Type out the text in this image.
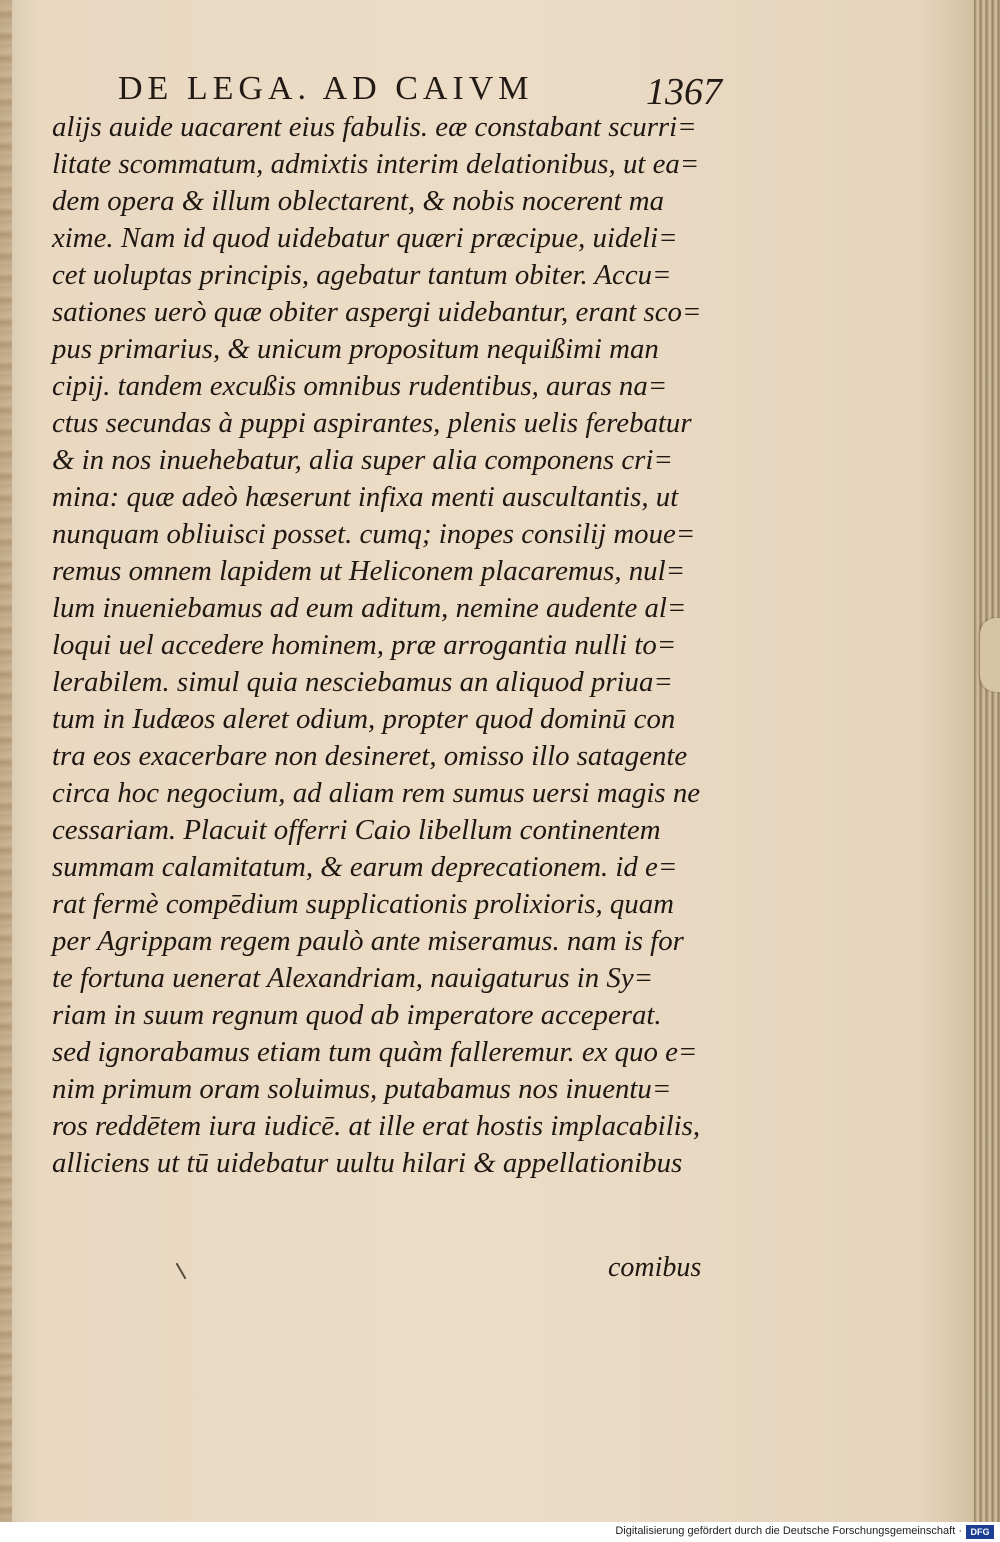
DE LEGA. AD CAIVM	1367
alijs auide uacarent eius fabulis. eæ constabant scurri=
litate scommatum, admixtis interim delationibus, ut ea=
dem opera & illum oblectarent, & nobis nocerent ma
xime. Nam id quod uidebatur quæri præcipue, uideli=
cet uoluptas principis, agebatur tantum obiter. Accu=
sationes uerò quæ obiter aspergi uidebantur, erant sco=
pus primarius, & unicum propositum nequißimi man
cipij. tandem excußis omnibus rudentibus, auras na=
ctus secundas à puppi aspirantes, plenis uelis ferebatur
& in nos inuehebatur, alia super alia componens cri=
mina: quæ adeò hæserunt infixa menti auscultantis, ut
nunquam obliuisci posset. cumq; inopes consilij moue=
remus omnem lapidem ut Heliconem placaremus, nul=
lum inueniebamus ad eum aditum, nemine audente al=
loqui uel accedere hominem, præ arrogantia nulli to=
lerabilem. simul quia nesciebamus an aliquod priua=
tum in Iudæos aleret odium, propter quod dominū con
tra eos exacerbare non desineret, omisso illo satagente
circa hoc negocium, ad aliam rem sumus uersi magis ne
cessariam. Placuit offerri Caio libellum continentem
summam calamitatum, & earum deprecationem. id e=
rat fermè compēdium supplicationis prolixioris, quam
per Agrippam regem paulò ante miseramus. nam is for
te fortuna uenerat Alexandriam, nauigaturus in Sy=
riam in suum regnum quod ab imperatore acceperat.
sed ignorabamus etiam tum quàm falleremur. ex quo e=
nim primum oram soluimus, putabamus nos inuentu=
ros reddētem iura iudicē. at ille erat hostis implacabilis,
alliciens ut tū uidebatur uultu hilari & appellationibus
comibus
Digitalisierung gefördert durch die Deutsche Forschungsgemeinschaft · DFG
